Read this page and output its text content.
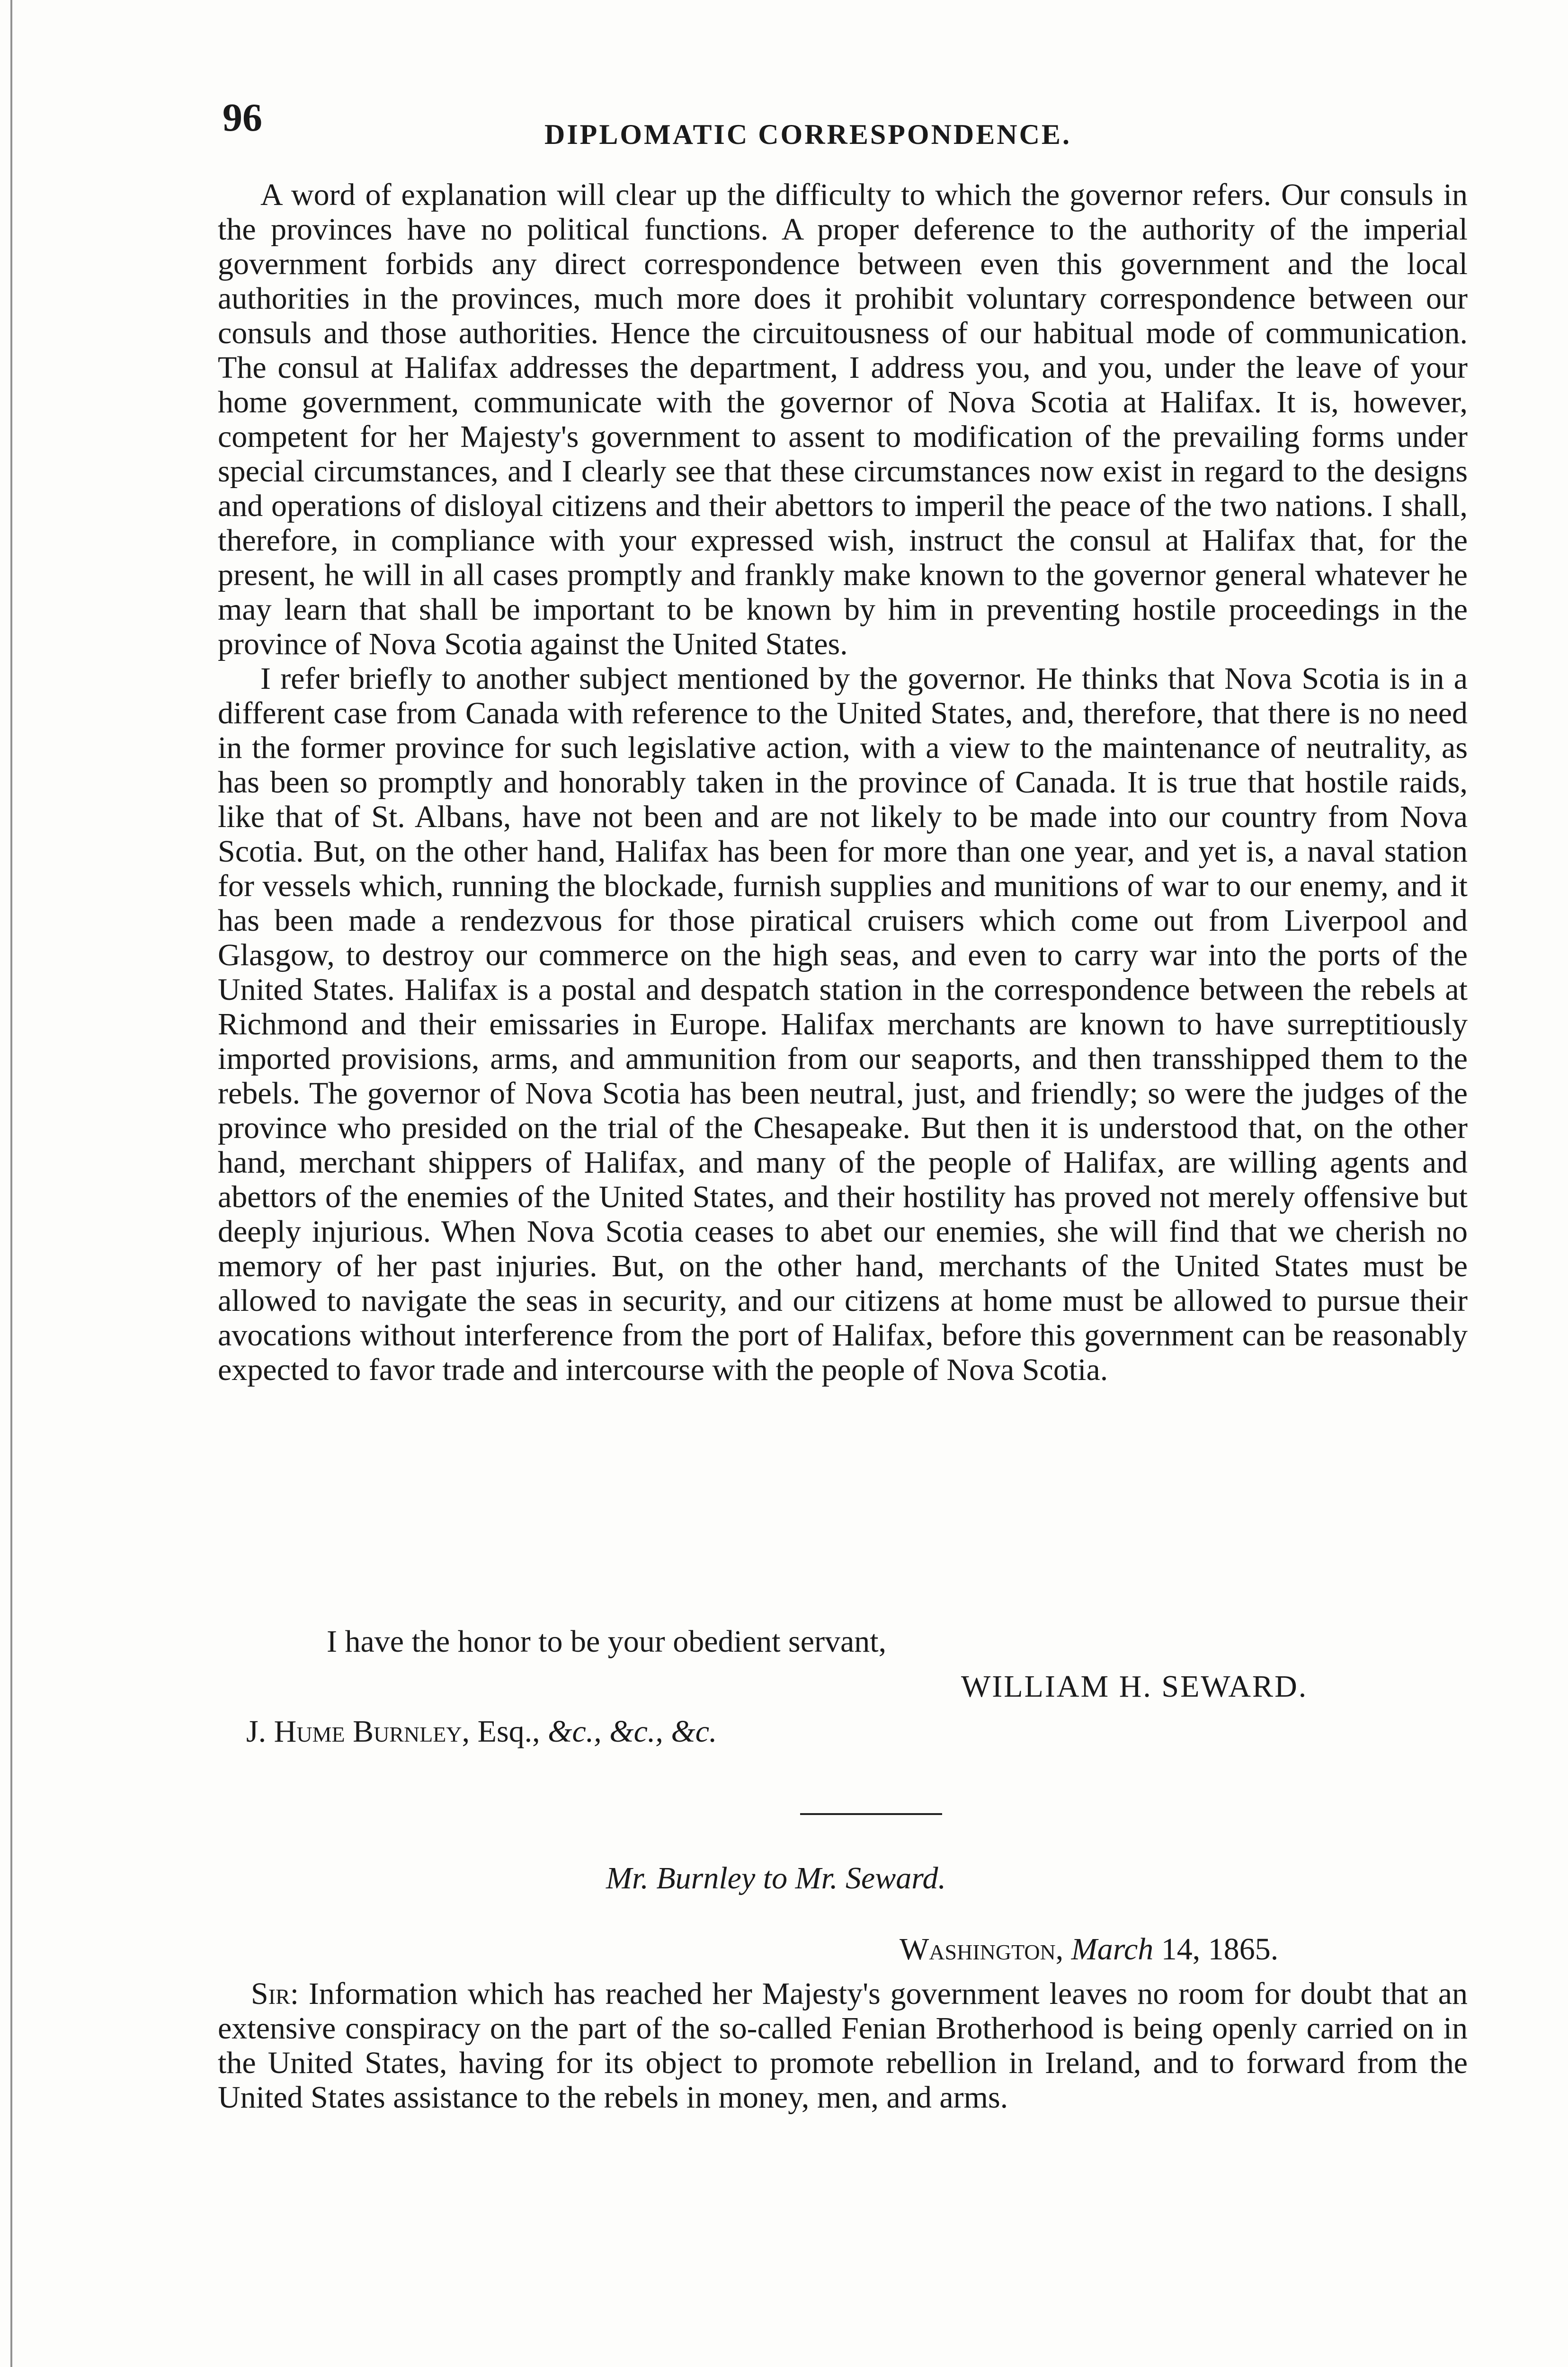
96	DIPLOMATIC CORRESPONDENCE.

A word of explanation will clear up the difficulty to which the governor refers. Our consuls in the provinces have no political functions. A proper deference to the authority of the imperial government forbids any direct correspondence between even this government and the local authorities in the provinces, much more does it prohibit voluntary correspondence between our consuls and those authorities. Hence the circuitousness of our habitual mode of communication. The consul at Halifax addresses the department, I address you, and you, under the leave of your home government, communicate with the governor of Nova Scotia at Halifax. It is, however, competent for her Majesty's government to assent to modification of the prevailing forms under special circumstances, and I clearly see that these circumstances now exist in regard to the designs and operations of disloyal citizens and their abettors to imperil the peace of the two nations. I shall, therefore, in compliance with your expressed wish, instruct the consul at Halifax that, for the present, he will in all cases promptly and frankly make known to the governor general whatever he may learn that shall be important to be known by him in preventing hostile proceedings in the province of Nova Scotia against the United States.

I refer briefly to another subject mentioned by the governor. He thinks that Nova Scotia is in a different case from Canada with reference to the United States, and, therefore, that there is no need in the former province for such legislative action, with a view to the maintenance of neutrality, as has been so promptly and honorably taken in the province of Canada. It is true that hostile raids, like that of St. Albans, have not been and are not likely to be made into our country from Nova Scotia. But, on the other hand, Halifax has been for more than one year, and yet is, a naval station for vessels which, running the blockade, furnish supplies and munitions of war to our enemy, and it has been made a rendezvous for those piratical cruisers which come out from Liverpool and Glasgow, to destroy our commerce on the high seas, and even to carry war into the ports of the United States. Halifax is a postal and despatch station in the correspondence between the rebels at Richmond and their emissaries in Europe. Halifax merchants are known to have surreptitiously imported provisions, arms, and ammunition from our seaports, and then transshipped them to the rebels. The governor of Nova Scotia has been neutral, just, and friendly; so were the judges of the province who presided on the trial of the Chesapeake. But then it is understood that, on the other hand, merchant shippers of Halifax, and many of the people of Halifax, are willing agents and abettors of the enemies of the United States, and their hostility has proved not merely offensive but deeply injurious. When Nova Scotia ceases to abet our enemies, she will find that we cherish no memory of her past injuries. But, on the other hand, merchants of the United States must be allowed to navigate the seas in security, and our citizens at home must be allowed to pursue their avocations without interference from the port of Halifax, before this government can be reasonably expected to favor trade and intercourse with the people of Nova Scotia.

I have the honor to be your obedient servant,
WILLIAM H. SEWARD.
J. Hume Burnley, Esq., &c., &c., &c.
Mr. Burnley to Mr. Seward.
Washington, March 14, 1865.
Sir: Information which has reached her Majesty's government leaves no room for doubt that an extensive conspiracy on the part of the so-called Fenian Brotherhood is being openly carried on in the United States, having for its object to promote rebellion in Ireland, and to forward from the United States assistance to the rebels in money, men, and arms.
